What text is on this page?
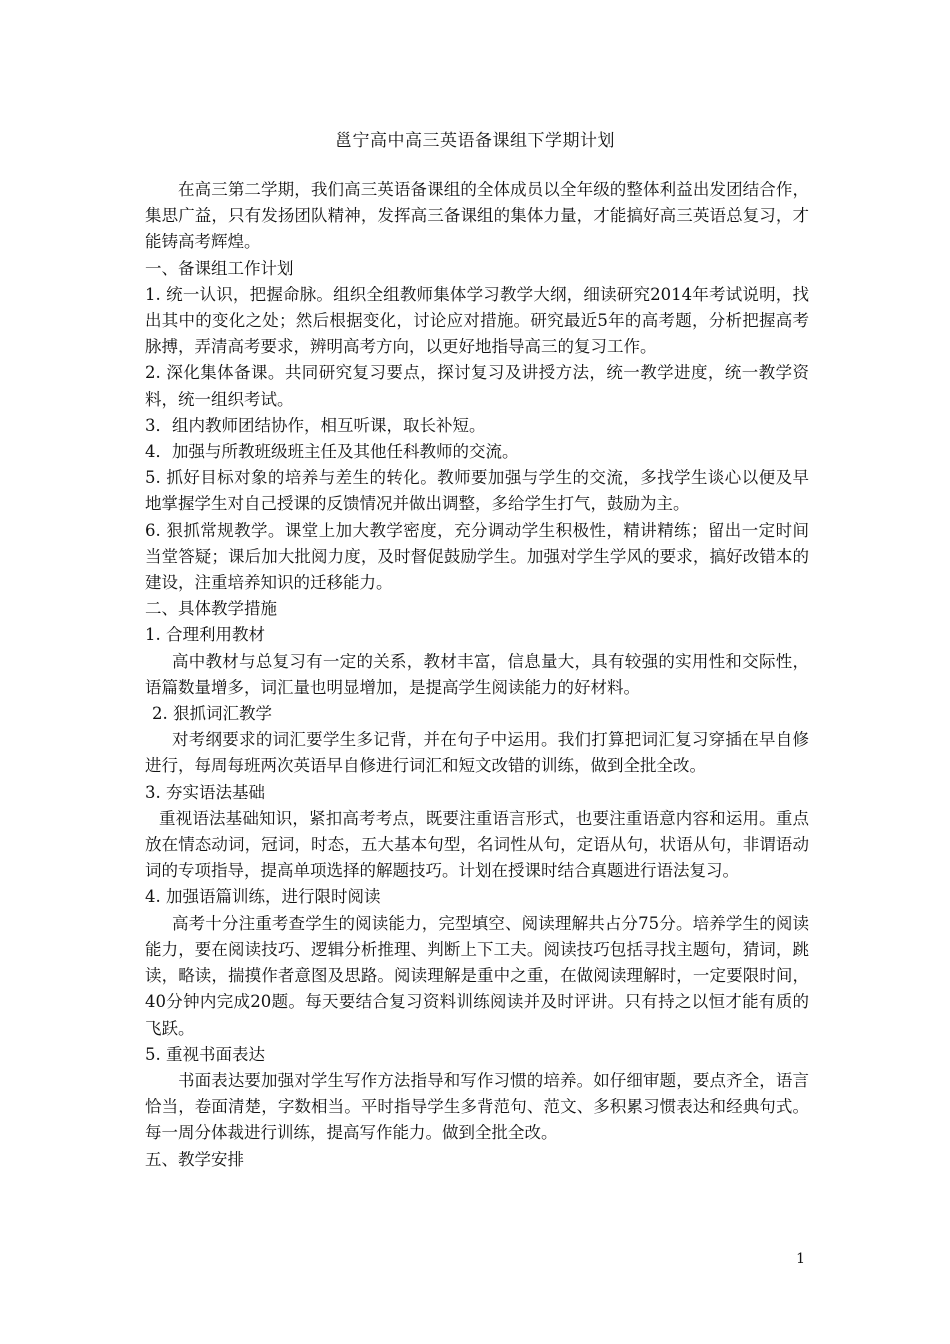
邕宁高中高三英语备课组下学期计划

在高三第二学期，我们高三英语备课组的全体成员以全年级的整体利益出发团结合作，集思广益，只有发扬团队精神，发挥高三备课组的集体力量，才能搞好高三英语总复习，才能铸高考辉煌。

一、备课组工作计划

1. 统一认识，把握命脉。组织全组教师集体学习教学大纲，细读研究2014年考试说明，找出其中的变化之处；然后根据变化，讨论应对措施。研究最近5年的高考题，分析把握高考脉搏，弄清高考要求，辨明高考方向，以更好地指导高三的复习工作。

2. 深化集体备课。共同研究复习要点，探讨复习及讲授方法，统一教学进度，统一教学资料，统一组织考试。

3．组内教师团结协作，相互听课，取长补短。

4．加强与所教班级班主任及其他任科教师的交流。

5. 抓好目标对象的培养与差生的转化。教师要加强与学生的交流，多找学生谈心以便及早地掌握学生对自己授课的反馈情况并做出调整，多给学生打气，鼓励为主。

6. 狠抓常规教学。课堂上加大教学密度，充分调动学生积极性，精讲精练；留出一定时间当堂答疑；课后加大批阅力度，及时督促鼓励学生。加强对学生学风的要求，搞好改错本的建设，注重培养知识的迁移能力。

二、具体教学措施

1. 合理利用教材

高中教材与总复习有一定的关系，教材丰富，信息量大，具有较强的实用性和交际性，语篇数量增多，词汇量也明显增加，是提高学生阅读能力的好材料。

2. 狠抓词汇教学

对考纲要求的词汇要学生多记背，并在句子中运用。我们打算把词汇复习穿插在早自修进行，每周每班两次英语早自修进行词汇和短文改错的训练，做到全批全改。

3. 夯实语法基础

重视语法基础知识，紧扣高考考点，既要注重语言形式，也要注重语意内容和运用。重点放在情态动词，冠词，时态，五大基本句型，名词性从句，定语从句，状语从句，非谓语动词的专项指导，提高单项选择的解题技巧。计划在授课时结合真题进行语法复习。

4. 加强语篇训练，进行限时阅读

高考十分注重考查学生的阅读能力，完型填空、阅读理解共占分75分。培养学生的阅读能力，要在阅读技巧、逻辑分析推理、判断上下工夫。阅读技巧包括寻找主题句，猜词，跳读，略读，揣摸作者意图及思路。阅读理解是重中之重，在做阅读理解时，一定要限时间，40分钟内完成20题。每天要结合复习资料训练阅读并及时评讲。只有持之以恒才能有质的飞跃。

5. 重视书面表达

书面表达要加强对学生写作方法指导和写作习惯的培养。如仔细审题，要点齐全，语言恰当，卷面清楚，字数相当。平时指导学生多背范句、范文、多积累习惯表达和经典句式。每一周分体裁进行训练，提高写作能力。做到全批全改。

五、教学安排

1
